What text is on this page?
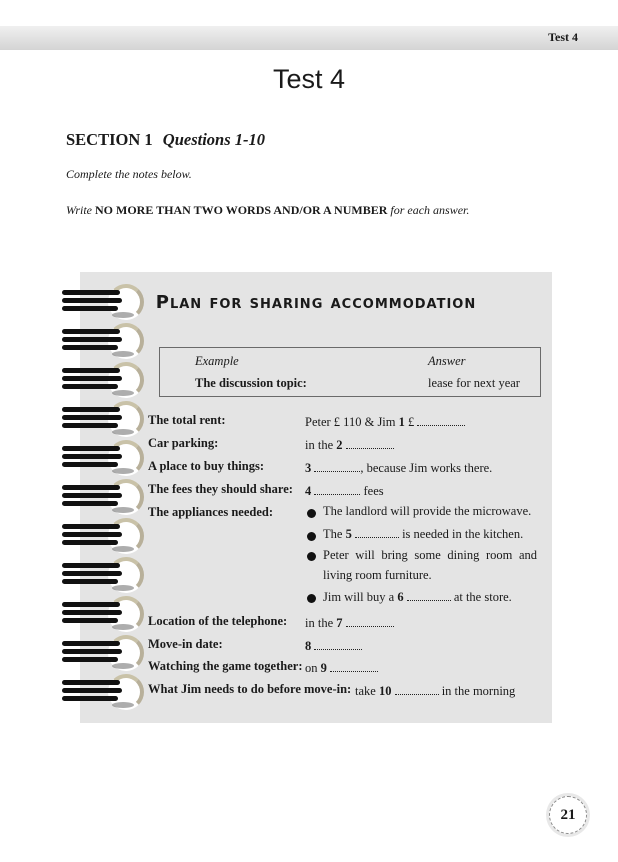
Test 4
Test 4
SECTION 1 Questions 1-10
Complete the notes below.
Write NO MORE THAN TWO WORDS AND/OR A NUMBER for each answer.
Plan for sharing accommodation
Example	Answer
The discussion topic:	lease for next year
The total rent:	Peter £ 110 & Jim 1 £
Car parking:	in the 2
A place to buy things:	3	, because Jim works there.
The fees they should share: 4	fees
The appliances needed:	The landlord will provide the microwave.
The 5	is needed in the kitchen.
Peter will bring some dining room and living room furniture.
Jim will buy a 6	at the store.
Location of the telephone: in the 7
Move-in date:	8
Watching the game together: on 9
What Jim needs to do before move-in: take 10	in the morning
21
